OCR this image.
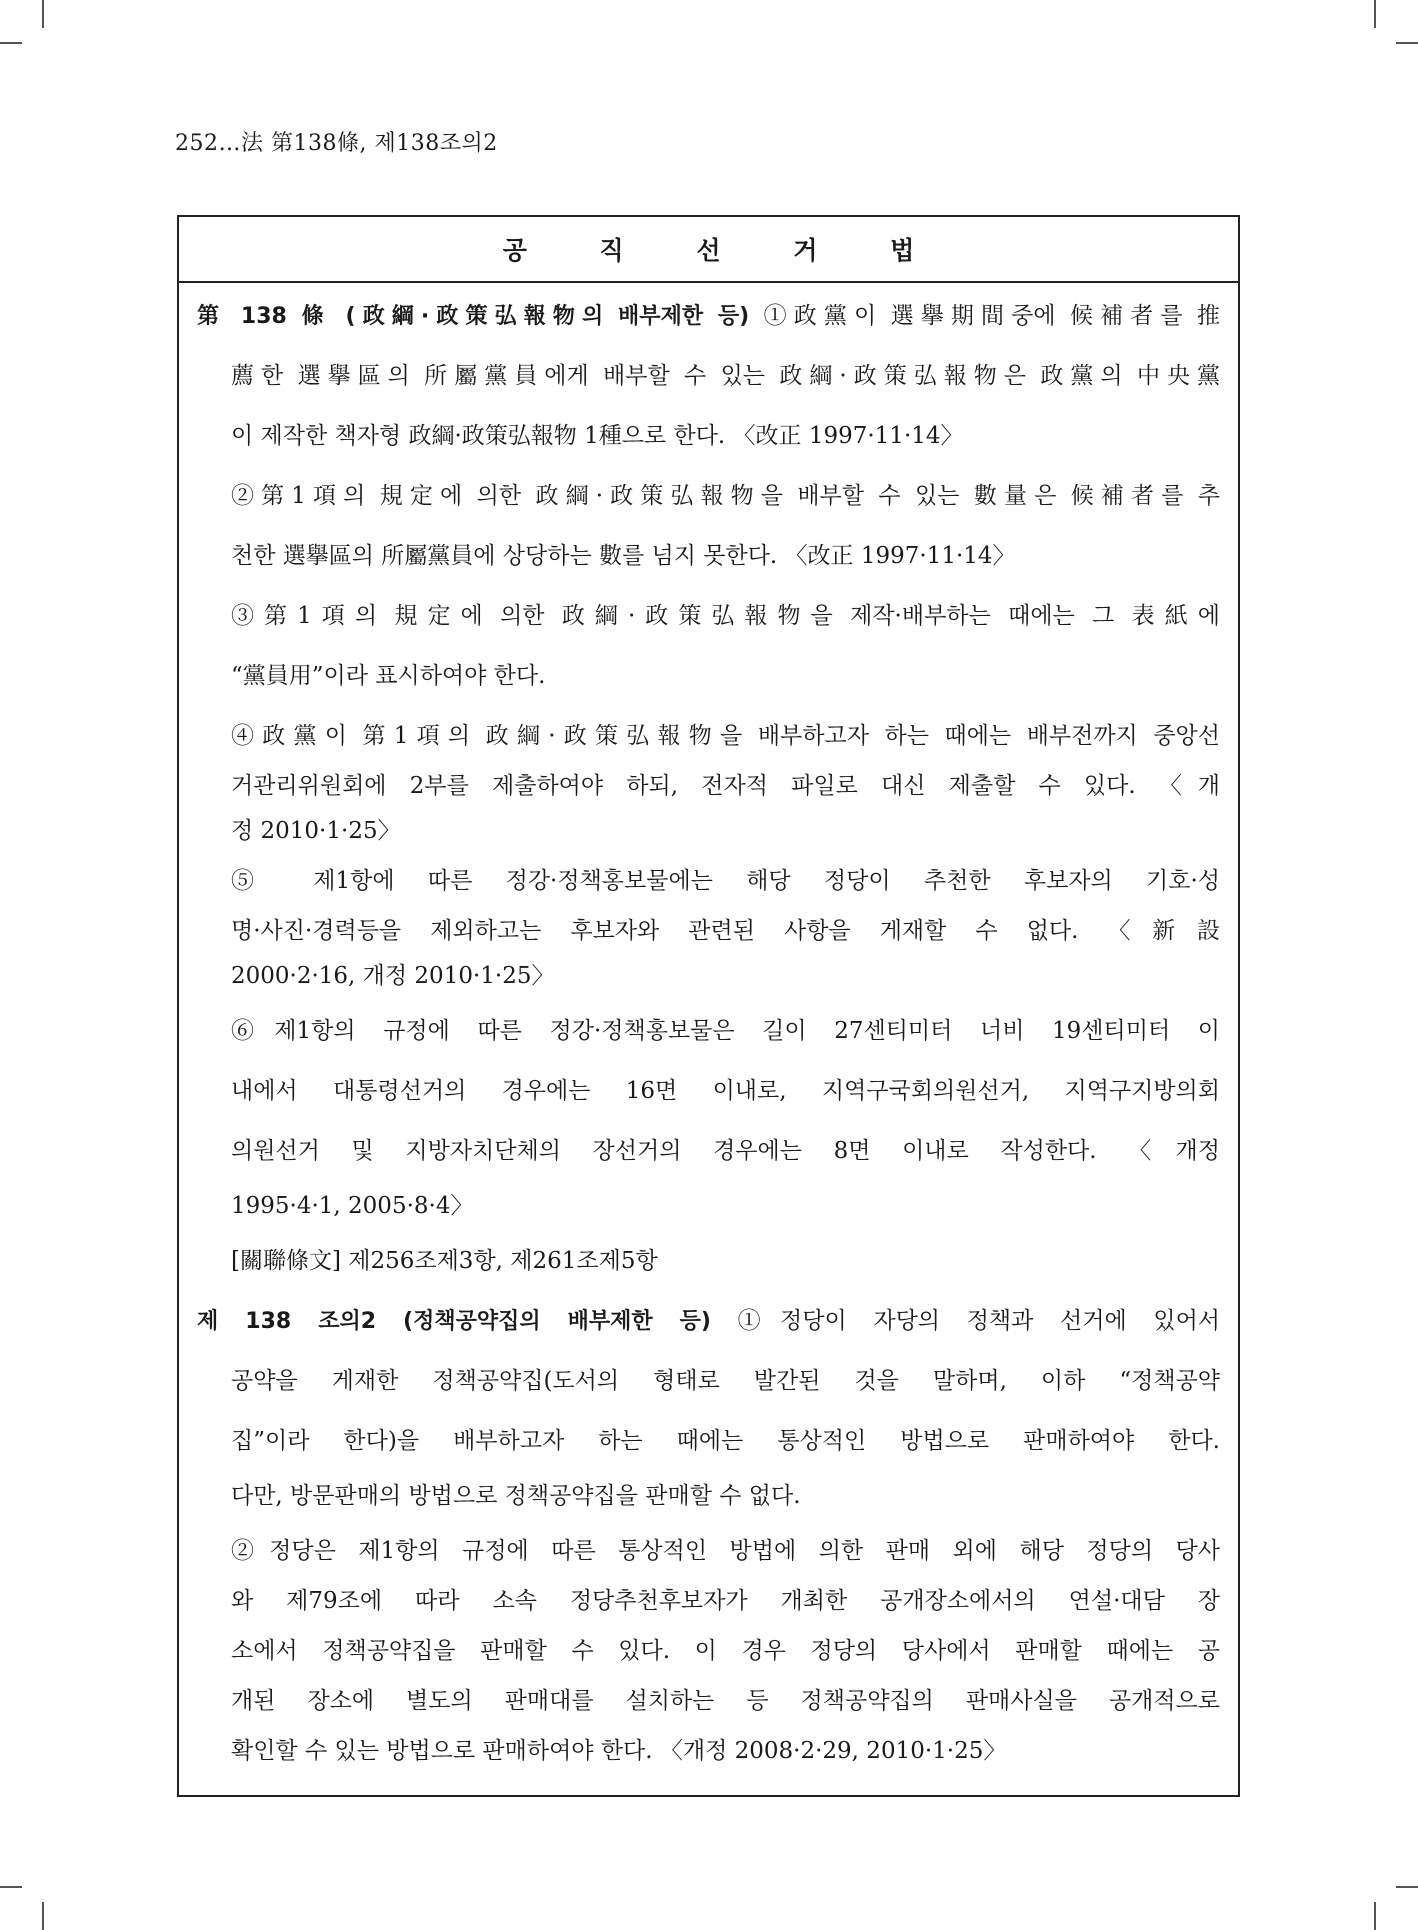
252…法 第138條, 제138조의2
공 직 선 거 법
第 138 條 (政綱·政策弘報物의 배부제한 등) ①政黨이 選擧期間중에 候補者를 推
薦한 選擧區의 所屬黨員에게 배부할 수 있는 政綱·政策弘報物은 政黨의 中央黨
이 제작한 책자형 政綱·政策弘報物 1種으로 한다. 〈改正 1997·11·14〉
②第1項의 規定에 의한 政綱·政策弘報物을 배부할 수 있는 數量은 候補者를 추
천한 選擧區의 所屬黨員에 상당하는 數를 넘지 못한다. 〈改正 1997·11·14〉
③第1項의 規定에 의한 政綱·政策弘報物을 제작·배부하는 때에는 그 表紙에
“黨員用”이라 표시하여야 한다.
④政黨이 第1項의 政綱·政策弘報物을 배부하고자 하는 때에는 배부전까지 중앙선
거관리위원회에 2부를 제출하여야 하되, 전자적 파일로 대신 제출할 수 있다. 〈개
정 2010·1·25〉
⑤ 제1항에 따른 정강·정책홍보물에는 해당 정당이 추천한 후보자의 기호·성
명·사진·경력등을 제외하고는 후보자와 관련된 사항을 게재할 수 없다. 〈新設
2000·2·16, 개정 2010·1·25〉
⑥제1항의 규정에 따른 정강·정책홍보물은 길이 27센티미터 너비 19센티미터 이
내에서 대통령선거의 경우에는 16면 이내로, 지역구국회의원선거, 지역구지방의회
의원선거 및 지방자치단체의 장선거의 경우에는 8면 이내로 작성한다. 〈개정
1995·4·1, 2005·8·4〉
[關聯條文] 제256조제3항, 제261조제5항
제 138 조의2 (정책공약집의 배부제한 등) ①정당이 자당의 정책과 선거에 있어서
공약을 게재한 정책공약집(도서의 형태로 발간된 것을 말하며, 이하 “정책공약
집”이라 한다)을 배부하고자 하는 때에는 통상적인 방법으로 판매하여야 한다.
다만, 방문판매의 방법으로 정책공약집을 판매할 수 없다.
②정당은 제1항의 규정에 따른 통상적인 방법에 의한 판매 외에 해당 정당의 당사
와 제79조에 따라 소속 정당추천후보자가 개최한 공개장소에서의 연설·대담 장
소에서 정책공약집을 판매할 수 있다. 이 경우 정당의 당사에서 판매할 때에는 공
개된 장소에 별도의 판매대를 설치하는 등 정책공약집의 판매사실을 공개적으로
확인할 수 있는 방법으로 판매하여야 한다. 〈개정 2008·2·29, 2010·1·25〉
